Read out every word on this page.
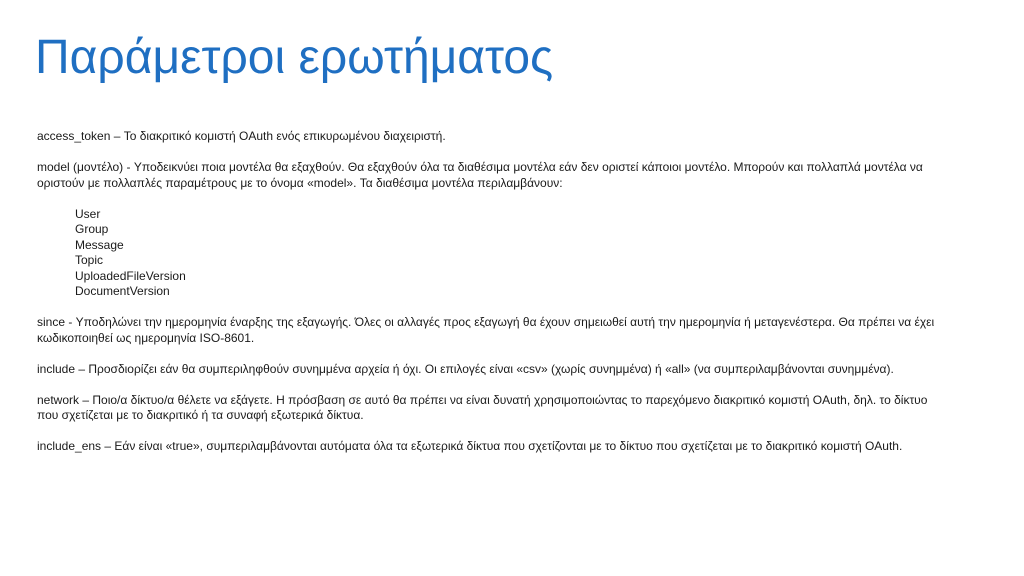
Παράμετροι ερωτήματος

access_token – Το διακριτικό κομιστή OAuth ενός επικυρωμένου διαχειριστή.

model (μοντέλο) - Υποδεικνύει ποια μοντέλα θα εξαχθούν. Θα εξαχθούν όλα τα διαθέσιμα μοντέλα εάν δεν οριστεί κάποιοι μοντέλο. Μπορούν και πολλαπλά μοντέλα να οριστούν με πολλαπλές παραμέτρους με το όνομα «model». Τα διαθέσιμα μοντέλα περιλαμβάνουν:

User
Group
Message
Topic
UploadedFileVersion
DocumentVersion

since - Υποδηλώνει την ημερομηνία έναρξης της εξαγωγής. Όλες οι αλλαγές προς εξαγωγή θα έχουν σημειωθεί αυτή την ημερομηνία ή μεταγενέστερα. Θα πρέπει να έχει κωδικοποιηθεί ως ημερομηνία ISO-8601.

include – Προσδιορίζει εάν θα συμπεριληφθούν συνημμένα αρχεία ή όχι. Οι επιλογές είναι «csv» (χωρίς συνημμένα) ή «all» (να συμπεριλαμβάνονται συνημμένα).

network – Ποιο/α δίκτυο/α θέλετε να εξάγετε. Η πρόσβαση σε αυτό θα πρέπει να είναι δυνατή χρησιμοποιώντας το παρεχόμενο διακριτικό κομιστή OAuth, δηλ. το δίκτυο που σχετίζεται με το διακριτικό ή τα συναφή εξωτερικά δίκτυα.

include_ens – Εάν είναι «true», συμπεριλαμβάνονται αυτόματα όλα τα εξωτερικά δίκτυα που σχετίζονται με το δίκτυο που σχετίζεται με το διακριτικό κομιστή OAuth.
